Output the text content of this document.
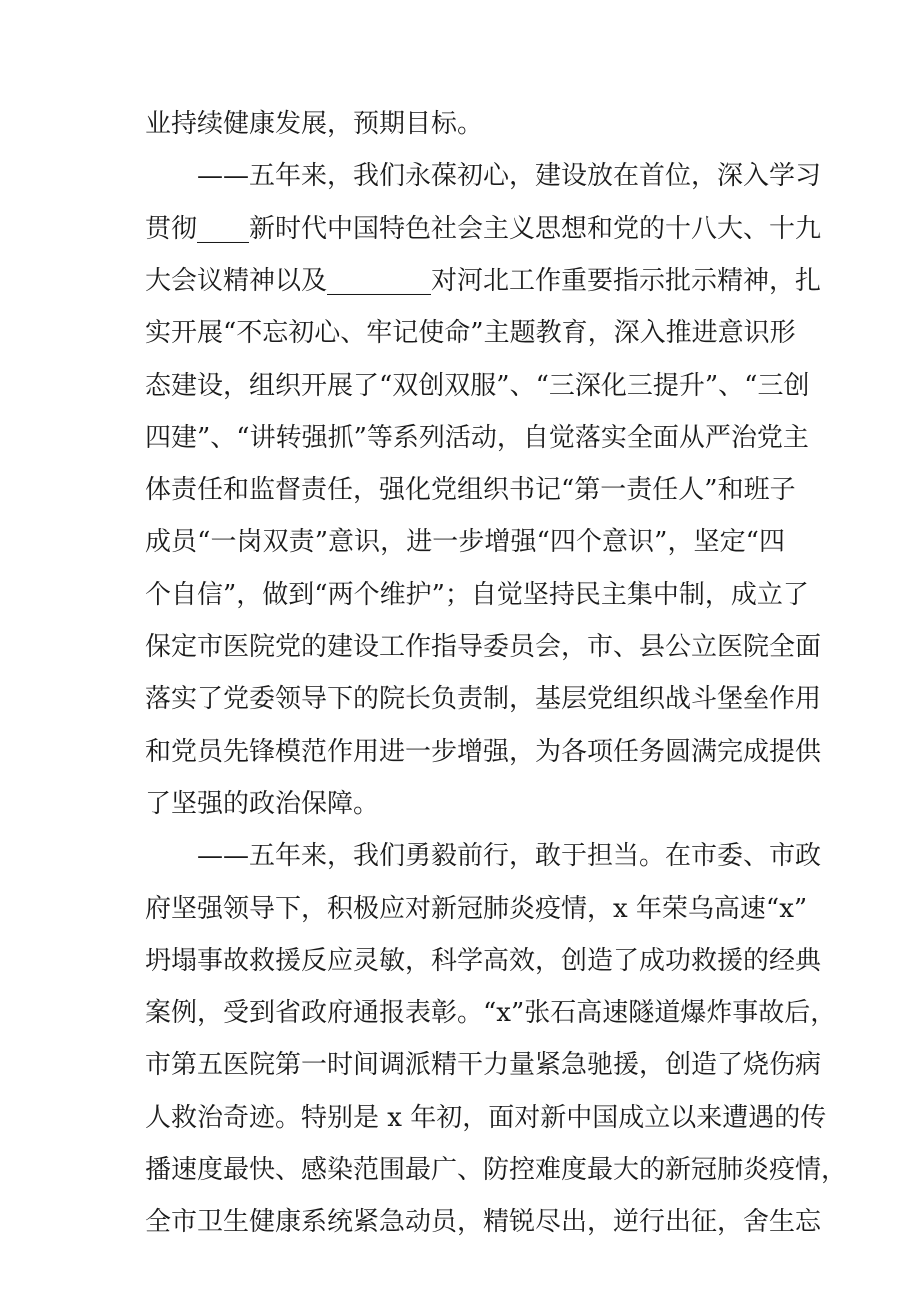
业持续健康发展，预期目标。
——五年来，我们永葆初心，建设放在首位，深入学习
贯彻____新时代中国特色社会主义思想和党的十八大、十九
大会议精神以及________对河北工作重要指示批示精神，扎
实开展“不忘初心、牢记使命”主题教育，深入推进意识形
态建设，组织开展了“双创双服”、“三深化三提升”、“三创
四建”、“讲转强抓”等系列活动，自觉落实全面从严治党主
体责任和监督责任，强化党组织书记“第一责任人”和班子
成员“一岗双责”意识，进一步增强“四个意识”，坚定“四
个自信”，做到“两个维护”；自觉坚持民主集中制，成立了
保定市医院党的建设工作指导委员会，市、县公立医院全面
落实了党委领导下的院长负责制，基层党组织战斗堡垒作用
和党员先锋模范作用进一步增强，为各项任务圆满完成提供
了坚强的政治保障。
——五年来，我们勇毅前行，敢于担当。在市委、市政
府坚强领导下，积极应对新冠肺炎疫情，x 年荣乌高速“x”
坍塌事故救援反应灵敏，科学高效，创造了成功救援的经典
案例，受到省政府通报表彰。“x”张石高速隧道爆炸事故后，
市第五医院第一时间调派精干力量紧急驰援，创造了烧伤病
人救治奇迹。特别是 x 年初，面对新中国成立以来遭遇的传
播速度最快、感染范围最广、防控难度最大的新冠肺炎疫情，
全市卫生健康系统紧急动员，精锐尽出，逆行出征，舍生忘
